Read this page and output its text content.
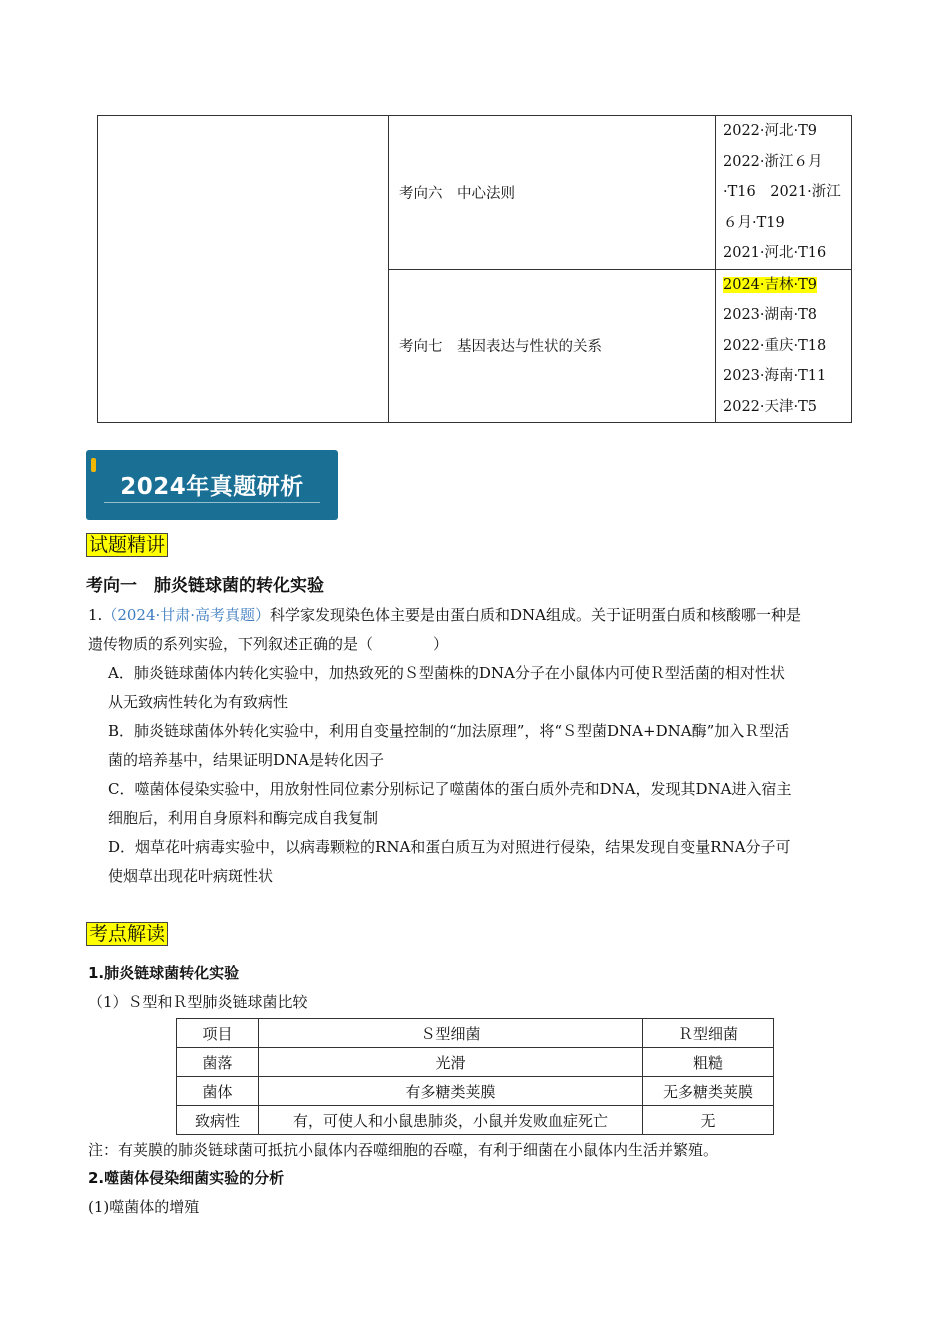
	考向六　中心法则	2022·河北·T9
2022·浙江６月
·T16　2021·浙江
６月·T19
2021·河北·T16

	考向七　基因表达与性状的关系	2024·吉林·T9
2023·湖南·T8
2022·重庆·T18
2023·海南·T11
2022·天津·T5
2024年真题研析
试题精讲
考向一　肺炎链球菌的转化实验
1.（2024·甘肃·高考真题）科学家发现染色体主要是由蛋白质和DNA组成。关于证明蛋白质和核酸哪一种是
遗传物质的系列实验，下列叙述正确的是（　　　　）
A．肺炎链球菌体内转化实验中，加热致死的Ｓ型菌株的DNA分子在小鼠体内可使Ｒ型活菌的相对性状
从无致病性转化为有致病性
B．肺炎链球菌体外转化实验中，利用自变量控制的“加法原理”，将“Ｓ型菌DNA+DNA酶”加入Ｒ型活
菌的培养基中，结果证明DNA是转化因子
C．噬菌体侵染实验中，用放射性同位素分别标记了噬菌体的蛋白质外壳和DNA，发现其DNA进入宿主
细胞后，利用自身原料和酶完成自我复制
D．烟草花叶病毒实验中，以病毒颗粒的RNA和蛋白质互为对照进行侵染，结果发现自变量RNA分子可
使烟草出现花叶病斑性状
考点解读
1.肺炎链球菌转化实验
（1）Ｓ型和Ｒ型肺炎链球菌比较
项目	Ｓ型细菌	Ｒ型细菌
菌落	光滑	粗糙
菌体	有多糖类荚膜	无多糖类荚膜
致病性	有，可使人和小鼠患肺炎，小鼠并发败血症死亡	无
注：有荚膜的肺炎链球菌可抵抗小鼠体内吞噬细胞的吞噬，有利于细菌在小鼠体内生活并繁殖。
2.噬菌体侵染细菌实验的分析
(1)噬菌体的增殖
